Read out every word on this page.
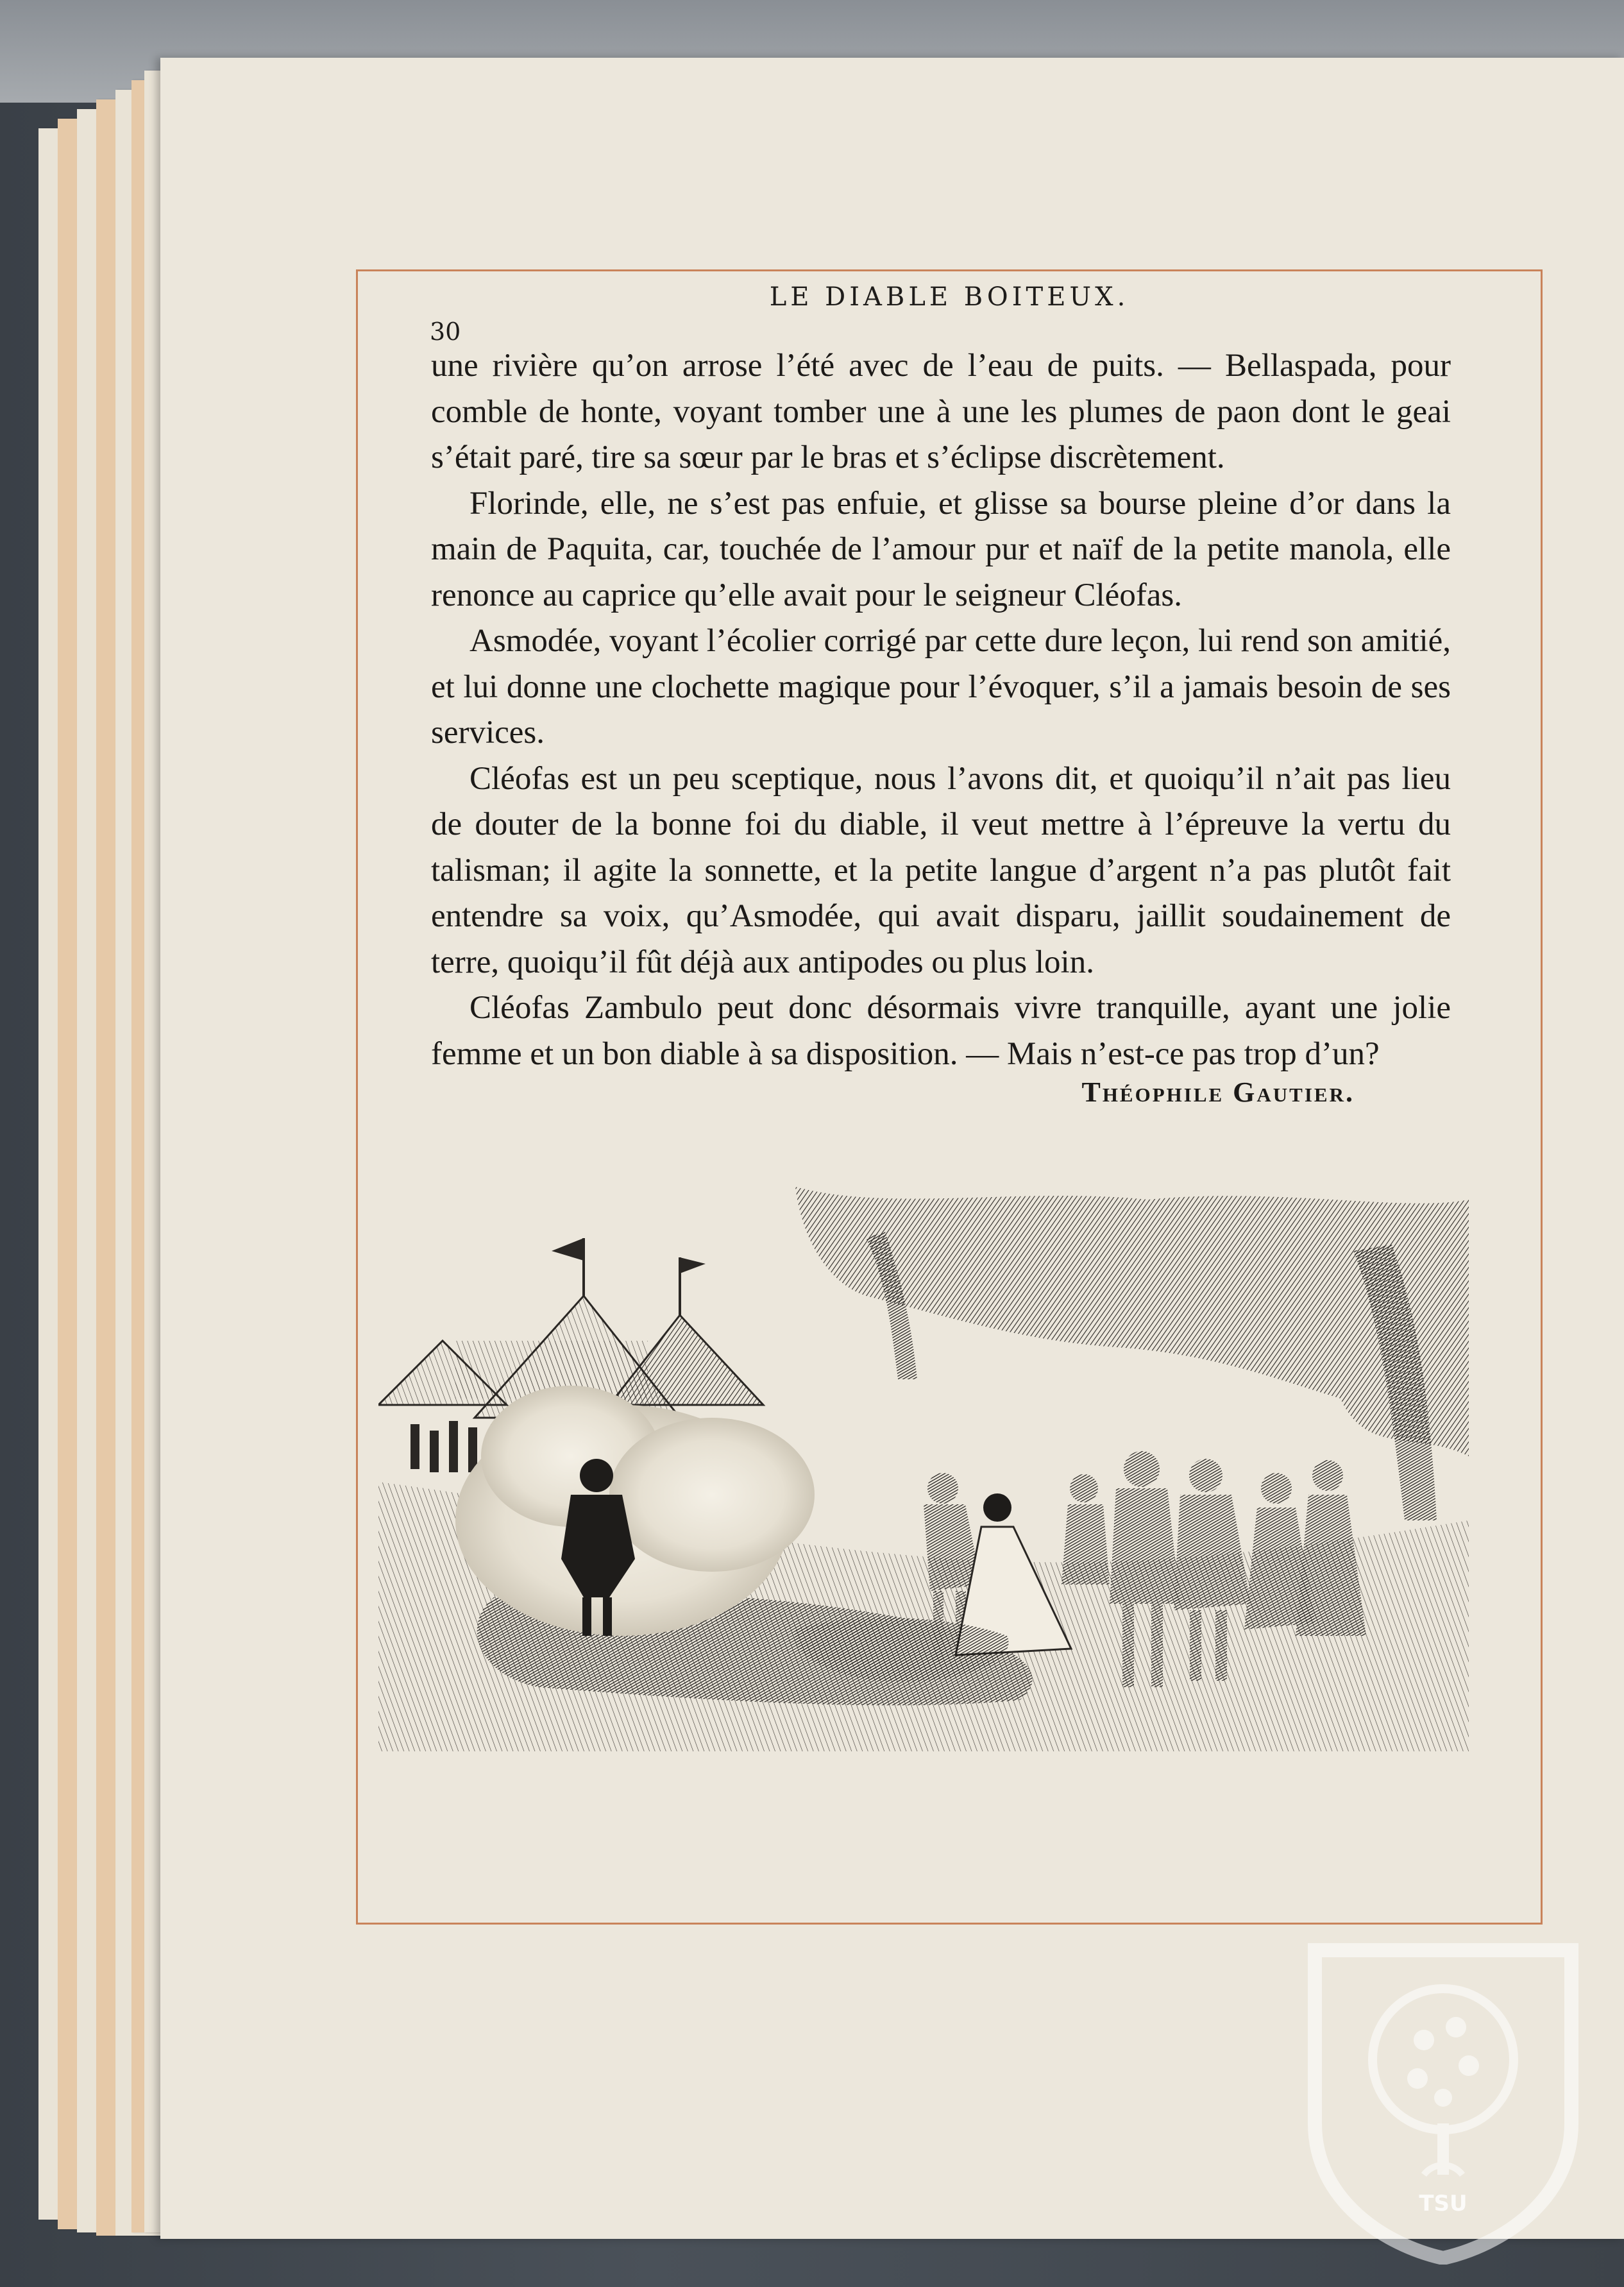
LE DIABLE BOITEUX.
30

une rivière qu’on arrose l’été avec de l’eau de puits. — Bellaspada, pour comble de honte, voyant tomber une à une les plumes de paon dont le geai s’était paré, tire sa sœur par le bras et s’éclipse discrètement.

Florinde, elle, ne s’est pas enfuie, et glisse sa bourse pleine d’or dans la main de Paquita, car, touchée de l’amour pur et naïf de la petite manola, elle renonce au caprice qu’elle avait pour le seigneur Cléofas.

Asmodée, voyant l’écolier corrigé par cette dure leçon, lui rend son amitié, et lui donne une clochette magique pour l’évoquer, s’il a jamais besoin de ses services.

Cléofas est un peu sceptique, nous l’avons dit, et quoiqu’il n’ait pas lieu de douter de la bonne foi du diable, il veut mettre à l’épreuve la vertu du talisman; il agite la sonnette, et la petite langue d’argent n’a pas plutôt fait entendre sa voix, qu’Asmodée, qui avait disparu, jaillit soudainement de terre, quoiqu’il fût déjà aux antipodes ou plus loin.

Cléofas Zambulo peut donc désormais vivre tranquille, ayant une jolie femme et un bon diable à sa disposition. — Mais n’est-ce pas trop d’un?

Théophile Gautier.
TSU
